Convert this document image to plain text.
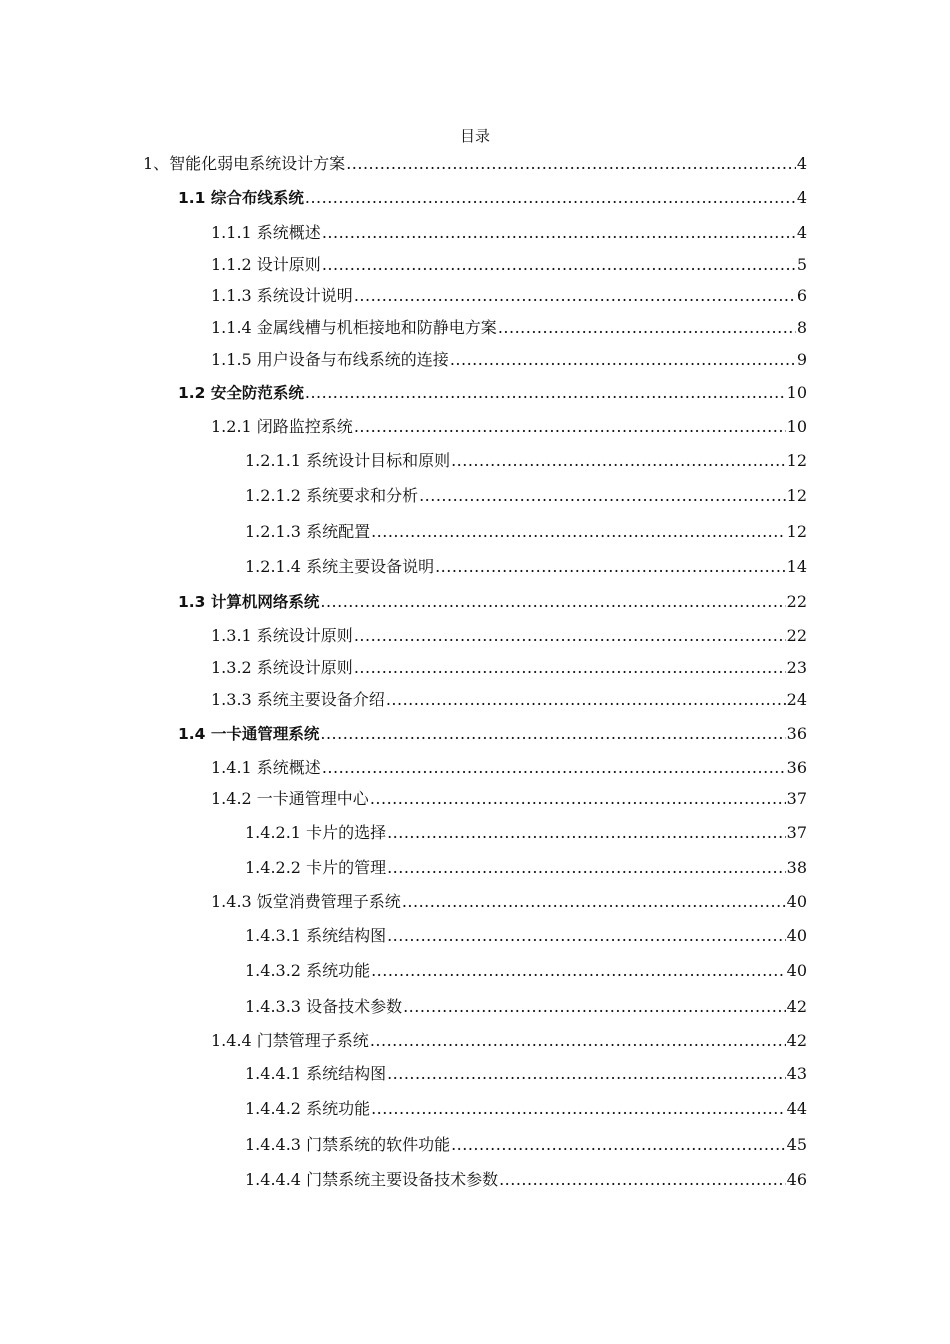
目录
1、智能化弱电系统设计方案 .....	4
1.1 综合布线系统 .....	4
1.1.1 系统概述 .....	4
1.1.2 设计原则 .....	5
1.1.3 系统设计说明 .....	6
1.1.4 金属线槽与机柜接地和防静电方案 .....	8
1.1.5 用户设备与布线系统的连接 .....	9
1.2 安全防范系统 .....	10
1.2.1 闭路监控系统 .....	10
1.2.1.1 系统设计目标和原则 .....	12
1.2.1.2 系统要求和分析 .....	12
1.2.1.3 系统配置 .....	12
1.2.1.4 系统主要设备说明 .....	14
1.3 计算机网络系统 .....	22
1.3.1 系统设计原则 .....	22
1.3.2 系统设计原则 .....	23
1.3.3 系统主要设备介绍 .....	24
1.4 一卡通管理系统 .....	36
1.4.1 系统概述 .....	36
1.4.2 一卡通管理中心 .....	37
1.4.2.1 卡片的选择 .....	37
1.4.2.2 卡片的管理 .....	38
1.4.3 饭堂消费管理子系统 .....	40
1.4.3.1 系统结构图 .....	40
1.4.3.2 系统功能 .....	40
1.4.3.3 设备技术参数 .....	42
1.4.4 门禁管理子系统 .....	42
1.4.4.1 系统结构图 .....	43
1.4.4.2 系统功能 .....	44
1.4.4.3 门禁系统的软件功能 .....	45
1.4.4.4 门禁系统主要设备技术参数 .....	46
